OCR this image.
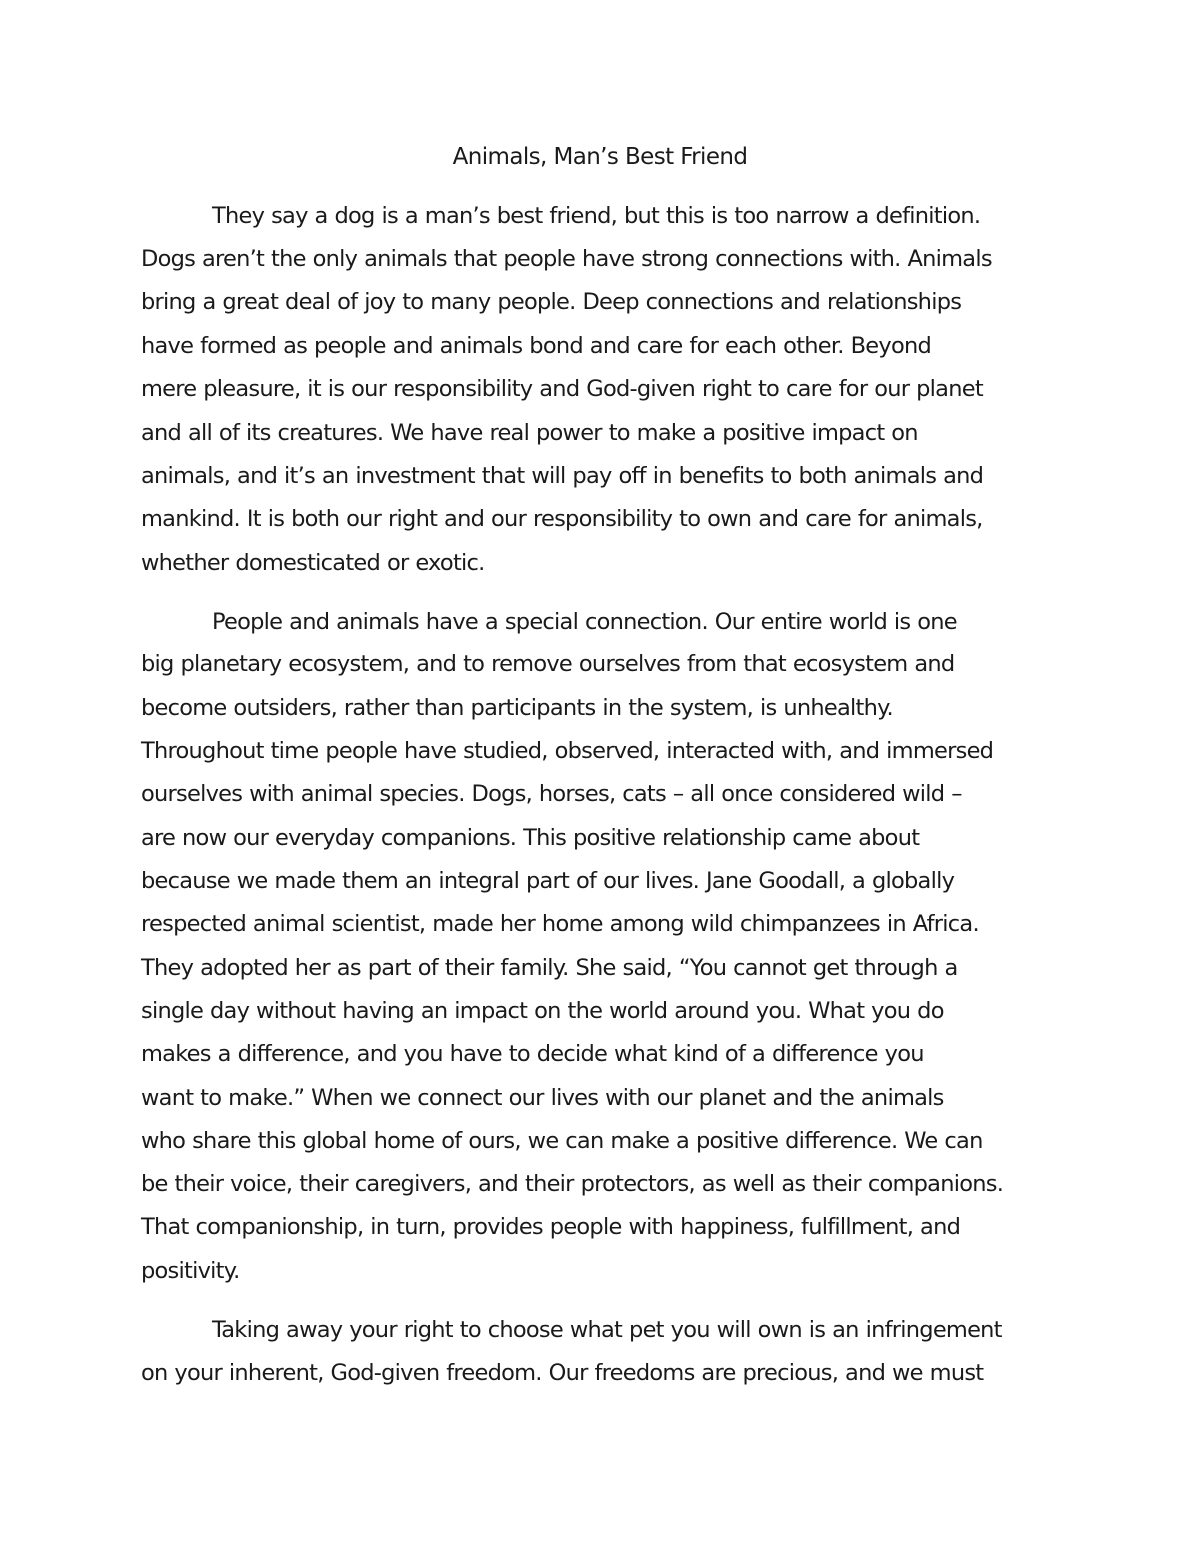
Animals, Man’s Best Friend

They say a dog is a man’s best friend, but this is too narrow a definition.

Dogs aren’t the only animals that people have strong connections with. Animals

bring a great deal of joy to many people. Deep connections and relationships

have formed as people and animals bond and care for each other. Beyond

mere pleasure, it is our responsibility and God-given right to care for our planet

and all of its creatures. We have real power to make a positive impact on

animals, and it’s an investment that will pay off in benefits to both animals and

mankind. It is both our right and our responsibility to own and care for animals,

whether domesticated or exotic.

People and animals have a special connection. Our entire world is one

big planetary ecosystem, and to remove ourselves from that ecosystem and

become outsiders, rather than participants in the system, is unhealthy.

Throughout time people have studied, observed, interacted with, and immersed

ourselves with animal species. Dogs, horses, cats – all once considered wild –

are now our everyday companions. This positive relationship came about

because we made them an integral part of our lives. Jane Goodall, a globally

respected animal scientist, made her home among wild chimpanzees in Africa.

They adopted her as part of their family. She said, “You cannot get through a

single day without having an impact on the world around you. What you do

makes a difference, and you have to decide what kind of a difference you

want to make.” When we connect our lives with our planet and the animals

who share this global home of ours, we can make a positive difference. We can

be their voice, their caregivers, and their protectors, as well as their companions.

That companionship, in turn, provides people with happiness, fulfillment, and

positivity.

Taking away your right to choose what pet you will own is an infringement

on your inherent, God-given freedom. Our freedoms are precious, and we must
